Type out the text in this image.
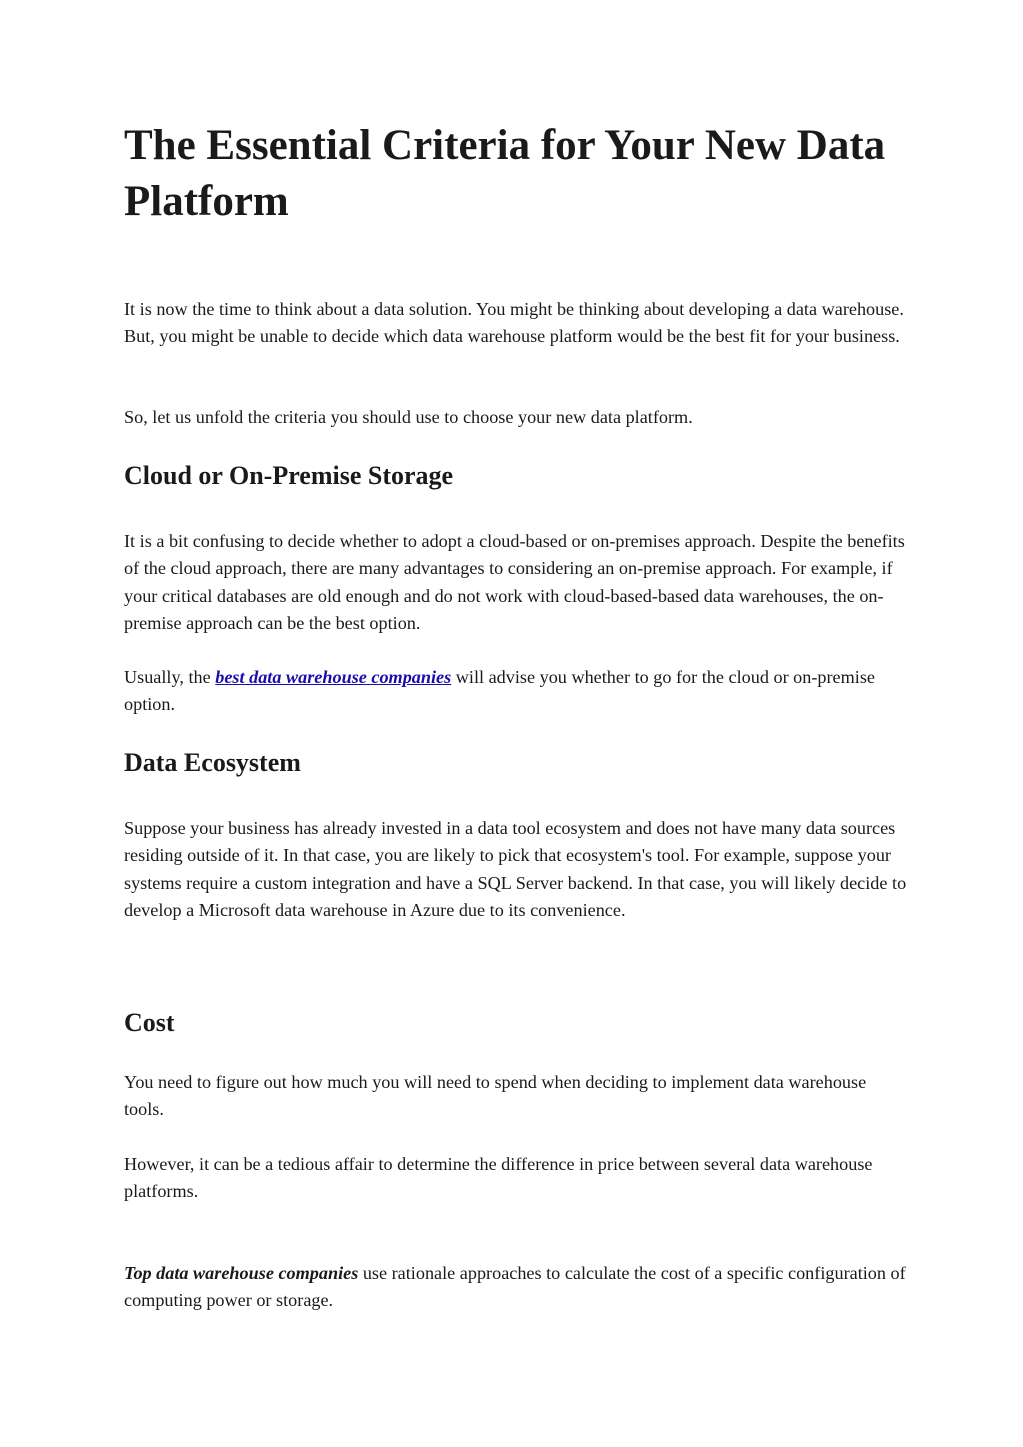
The Essential Criteria for Your New Data Platform

It is now the time to think about a data solution. You might be thinking about developing a data warehouse. But, you might be unable to decide which data warehouse platform would be the best fit for your business.

So, let us unfold the criteria you should use to choose your new data platform.

Cloud or On-Premise Storage

It is a bit confusing to decide whether to adopt a cloud-based or on-premises approach. Despite the benefits of the cloud approach, there are many advantages to considering an on-premise approach. For example, if your critical databases are old enough and do not work with cloud-based-based data warehouses, the on-premise approach can be the best option.

Usually, the best data warehouse companies will advise you whether to go for the cloud or on-premise option.

Data Ecosystem

Suppose your business has already invested in a data tool ecosystem and does not have many data sources residing outside of it. In that case, you are likely to pick that ecosystem's tool. For example, suppose your systems require a custom integration and have a SQL Server backend. In that case, you will likely decide to develop a Microsoft data warehouse in Azure due to its convenience.

Cost

You need to figure out how much you will need to spend when deciding to implement data warehouse tools.

However, it can be a tedious affair to determine the difference in price between several data warehouse platforms.

Top data warehouse companies use rationale approaches to calculate the cost of a specific configuration of computing power or storage.
